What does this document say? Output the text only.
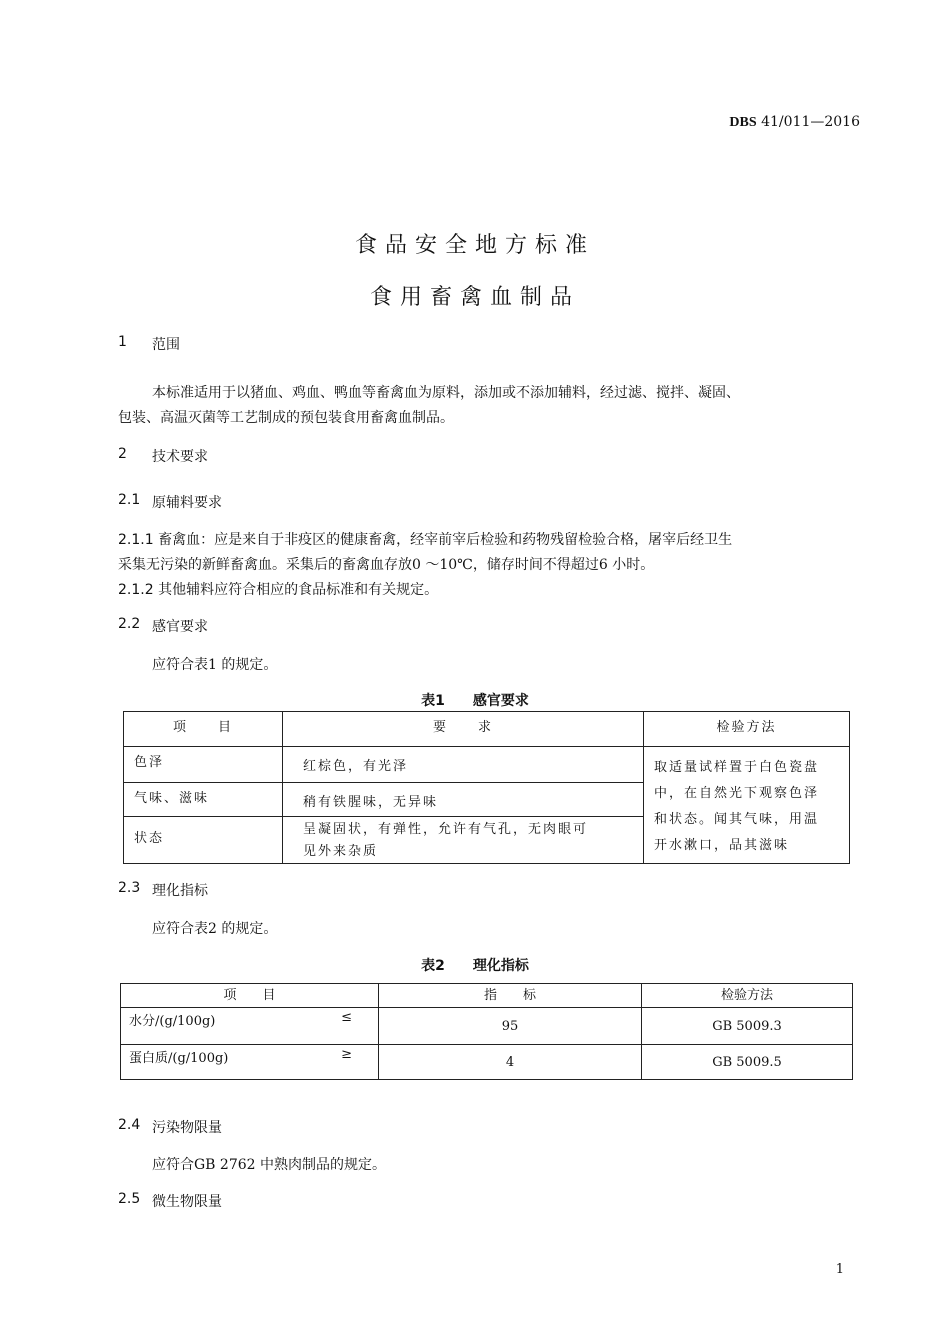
DBS 41/011—2016
食品安全地方标准
食用畜禽血制品
1 范围
本标准适用于以猪血、鸡血、鸭血等畜禽血为原料，添加或不添加辅料，经过滤、搅拌、凝固、
包装、高温灭菌等工艺制成的预包装食用畜禽血制品。
2 技术要求
2.1 原辅料要求
2.1.1 畜禽血：应是来自于非疫区的健康畜禽，经宰前宰后检验和药物残留检验合格，屠宰后经卫生
采集无污染的新鲜畜禽血。采集后的畜禽血存放0 ～10℃，储存时间不得超过6 小时。
2.1.2 其他辅料应符合相应的食品标准和有关规定。
2.2 感官要求
应符合表1 的规定。
表1　　感官要求
项　　目	要　　求	检验方法
色泽	红棕色，有光泽	取适量试样置于白色瓷盘
中，在自然光下观察色泽
和状态。闻其气味，用温
开水漱口，品其滋味

气味、滋味	稍有铁腥味，无异味	
状态	呈凝固状，有弹性，允许有气孔，无肉眼可
见外来杂质	
2.3 理化指标
应符合表2 的规定。
表2　　理化指标
项　　目	指　　标	检验方法
水分/(g/100g) ≤	95	GB 5009.3
蛋白质/(g/100g) ≥	4	GB 5009.5
2.4 污染物限量
应符合GB 2762 中熟肉制品的规定。
2.5 微生物限量
1
